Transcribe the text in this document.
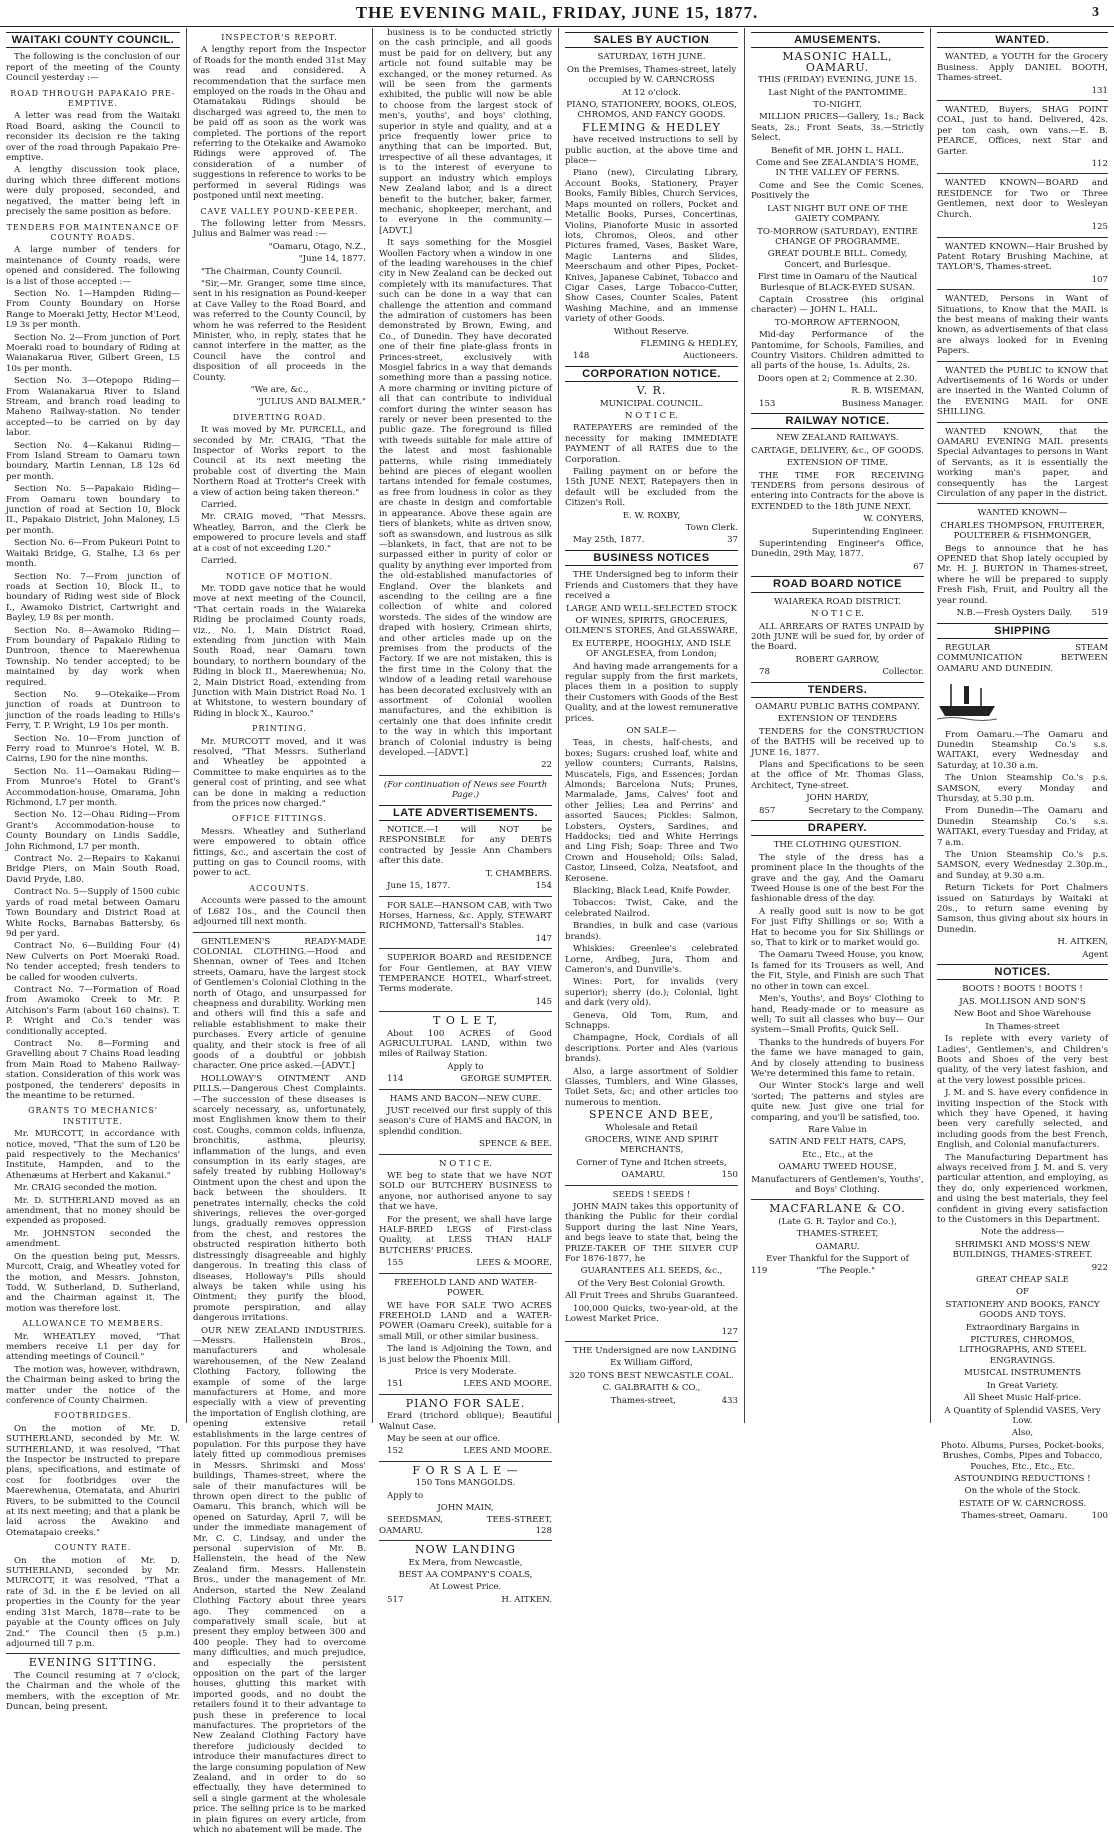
THE EVENING MAIL, FRIDAY, JUNE 15, 1877.	3
WAITAKI COUNTY COUNCIL.

The following is the conclusion of our report of the meeting of the County Council yesterday :—

ROAD THROUGH PAPAKAIO PRE-EMPTIVE.

A letter was read from the Waitaki Road Board, asking the Council to reconsider its decision re the taking over of the road through Papakaio Pre-emptive.

A lengthy discussion took place, during which three different motions were duly proposed, seconded, and negatived, the matter being left in precisely the same position as before.

TENDERS FOR MAINTENANCE OF COUNTY ROADS.

A large number of tenders for maintenance of County roads, were opened and considered. The following is a list of those accepted :—

Section No. 1—Hampden Riding—From County Boundary on Horse Range to Moeraki Jetty, Hector M'Leod, L9 3s per month.

Section No. 2—From junction of Port Moeraki road to boundary of Riding at Waianakarua River, Gilbert Green, L5 10s per month.

Section No. 3—Otepopo Riding—From Waianakarua River to Island Stream, and branch road leading to Maheno Railway-station. No tender accepted—to be carried on by day labor.

Section No. 4—Kakanui Riding—From Island Stream to Oamaru town boundary, Martin Lennan, L8 12s 6d per month.

Section No. 5—Papakaio Riding—From Oamaru town boundary to junction of road at Section 10, Block II., Papakaio District, John Maloney, L5 per month.

Section No. 6—From Pukeuri Point to Waitaki Bridge, G. Stalhe, L3 6s per month.

Section No. 7—From junction of roads at Section 10, Block II., to boundary of Riding west side of Block I., Awamoko District, Cartwright and Bayley, L9 8s per month.

Section No. 8—Awamoko Riding—From boundary of Papakaio Riding to Duntroon, thence to Maerewhenua Township. No tender accepted; to be maintained by day work when required.

Section No. 9—Otekaike—From junction of roads at Duntroon to junction of the roads leading to Hills's Ferry, T. P. Wright, L9 10s per month.

Section No. 10—From junction of Ferry road to Munroe's Hotel, W. B. Cairns, L90 for the nine months.

Section No. 11—Oamakau Riding—From Munroe's Hotel to Grant's Accommodation-house, Omarama, John Richmond, L7 per month.

Section No. 12—Ohau Riding—From Grant's Accommodation-house to County Boundary on Lindis Saddle, John Richmond, L7 per month.

Contract No. 2—Repairs to Kakanui Bridge Piers, on Main South Road, David Pryde, L80.

Contract No. 5—Supply of 1500 cubic yards of road metal between Oamaru Town Boundary and District Road at White Rocks, Barnabas Battersby, 6s 9d per yard.

Contract No. 6—Building Four (4) New Culverts on Port Moeraki Road. No tender accepted; fresh tenders to be called for wooden culverts.

Contract No. 7—Formation of Road from Awamoko Creek to Mr. P. Aitchison's Farm (about 160 chains). T. P. Wright and Co.'s tender was conditionally accepted.

Contract No. 8—Forming and Gravelling about 7 Chains Road leading from Main Road to Maheno Railway-station. Consideration of this work was postponed, the tenderers' deposits in the meantime to be returned.

GRANTS TO MECHANICS' INSTITUTE.

Mr. MURCOTT, in accordance with notice, moved, "That the sum of L20 be paid respectively to the Mechanics' Institute, Hampden, and to the Athenæums at Herbert and Kakanui."

Mr. CRAIG seconded the motion.

Mr. D. SUTHERLAND moved as an amendment, that no money should be expended as proposed.

Mr. JOHNSTON seconded the amendment.

On the question being put, Messrs. Murcott, Craig, and Wheatley voted for the motion, and Messrs. Johnston, Todd, W. Sutherland, D. Sutherland, and the Chairman against it. The motion was therefore lost.

ALLOWANCE TO MEMBERS.

Mr. WHEATLEY moved, "That members receive L1 per day for attending meetings of Council."

The motion was, however, withdrawn, the Chairman being asked to bring the matter under the notice of the conference of County Chairmen.

FOOTBRIDGES.

On the motion of Mr. D. SUTHERLAND, seconded by Mr. W. SUTHERLAND, it was resolved, "That the Inspector be instructed to prepare plans, specifications, and estimate of cost for footbridges over the Maerewhenua, Otematata, and Ahuriri Rivers, to be submitted to the Council at its next meeting; and that a plank be laid across the Awakino and Otematapaio creeks."

COUNTY RATE.

On the motion of Mr. D. SUTHERLAND, seconded by Mr. MURCOTT, it was resolved, "That a rate of 3d. in the £ be levied on all properties in the County for the year ending 31st March, 1878—rate to be payable at the County offices on July 2nd." The Council then (5 p.m.) adjourned till 7 p.m.

EVENING SITTING.

The Council resuming at 7 o'clock, the Chairman and the whole of the members, with the exception of Mr. Duncan, being present.

INSPECTOR'S REPORT.

A lengthy report from the Inspector of Roads for the month ended 31st May was read and considered. A recommendation that the surface men employed on the roads in the Ohau and Otamatakau Ridings should be discharged was agreed to, the men to be paid off as soon as the work was completed. The portions of the report referring to the Otekaike and Awamoko Ridings were approved of. The consideration of a number of suggestions in reference to works to be performed in several Ridings was postponed until next meeting.

CAVE VALLEY POUND-KEEPER.

The following letter from Messrs. Julius and Balmer was read :—

"Oamaru, Otago, N.Z.,

"June 14, 1877.

"The Chairman, County Council.

"Sir,—Mr. Granger, some time since, sent in his resignation as Pound-keeper at Cave Valley to the Road Board, and was referred to the County Council, by whom he was referred to the Resident Minister, who, in reply, states that he cannot interfere in the matter, as the Council have the control and disposition of all proceeds in the County.

"We are, &c.,

"JULIUS AND BALMER."

DIVERTING ROAD.

It was moved by Mr. PURCELL, and seconded by Mr. CRAIG, "That the Inspector of Works report to the Council at its next meeting the probable cost of diverting the Main Northern Road at Trotter's Creek with a view of action being taken thereon."

Carried.

Mr. CRAIG moved, "That Messrs. Wheatley, Barron, and the Clerk be empowered to procure levels and staff at a cost of not exceeding L20."

Carried.

NOTICE OF MOTION.

Mr. TODD gave notice that he would move at next meeting of the Council, "That certain roads in the Waiareka Riding be proclaimed County roads, viz., No. 1, Main District Road, extending from junction with Main South Road, near Oamaru town boundary, to northern boundary of the Riding in block II., Maerewhenua; No. 2, Main District Road, extending from Junction with Main District Road No. 1 at Whitstone, to western boundary of Riding in block X., Kauroo."

PRINTING.

Mr. MURCOTT moved, and it was resolved, "That Messrs. Sutherland and Wheatley be appointed a Committee to make enquiries as to the general cost of printing, and see what can be done in making a reduction from the prices now charged."

OFFICE FITTINGS.

Messrs. Wheatley and Sutherland were empowered to obtain office fittings, &c., and ascertain the cost of putting on gas to Council rooms, with power to act.

ACCOUNTS.

Accounts were passed to the amount of L682 10s., and the Council then adjourned till next month.

GENTLEMEN'S READY-MADE COLONIAL CLOTHING.—Hood and Shennan, owner of Tees and Itchen streets, Oamaru, have the largest stock of Gentlemen's Colonial Clothing in the north of Otago, and unsurpassed for cheapness and durability. Working men and others will find this a safe and reliable establishment to make their purchases. Every article of genuine quality, and their stock is free of all goods of a doubtful or jobbish character. One price asked.—[ADVT.]

HOLLOWAY'S OINTMENT AND PILLS.—Dangerous Chest Complaints.—The succession of these diseases is scarcely necessary, as, unfortunately, most Englishmen know them to their cost. Coughs, common colds, influenza, bronchitis, asthma, pleurisy, inflammation of the lungs, and even consumption in its early stages, are safely treated by rubbing Holloway's Ointment upon the chest and upon the back between the shoulders. It penetrates internally, checks the cold shiverings, relieves the over-gorged lungs, gradually removes oppression from the chest, and restores the obstructed respiration hitherto both distressingly disagreeable and highly dangerous. In treating this class of diseases, Holloway's Pills should always be taken while using his Ointment; they purify the blood, promote perspiration, and allay dangerous irritations.

OUR NEW ZEALAND INDUSTRIES.—Messrs. Hallenstein Bros., manufacturers and wholesale warehousemen, of the New Zealand Clothing Factory, following the example of some of the large manufacturers at Home, and more especially with a view of preventing the importation of English clothing, are opening extensive retail establishments in the large centres of population. For this purpose they have lately fitted up commodious premises in Messrs. Shrimski and Moss' buildings, Thames-street, where the sale of their manufactures will be thrown open direct to the public of Oamaru. This branch, which will be opened on Saturday, April 7, will be under the immediate management of Mr. C. C. Lindsay, and under the personal supervision of Mr. B. Hallenstein, the head of the New Zealand firm. Messrs. Hallenstein Bros., under the management of Mr. Anderson, started the New Zealand Clothing Factory about three years ago. They commenced on a comparatively small scale, but at present they employ between 300 and 400 people. They had to overcome many difficulties, and much prejudice, and especially the persistent opposition on the part of the larger houses, glutting this market with imported goods, and no doubt the retailers found it to their advantage to push these in preference to local manufactures. The proprietors of the New Zealand Clothing Factory have therefore judiciously decided to introduce their manufactures direct to the large consuming population of New Zealand, and in order to do so effectually, they have determined to sell a single garment at the wholesale price. The selling price is to be marked in plain figures on every article, from which no abatement will be made. The

business is to be conducted strictly on the cash principle, and all goods must be paid for on delivery, but any article not found suitable may be exchanged, or the money returned. As will be seen from the garments exhibited, the public will now be able to choose from the largest stock of men's, youths', and boys' clothing, superior in style and quality, and at a price frequently lower price to anything that can be imported. But, irrespective of all these advantages, it is to the interest of everyone to support an industry which employs New Zealand labor, and is a direct benefit to the butcher, baker, farmer, mechanic, shopkeeper, merchant, and to everyone in the community.—[ADVT.]

It says something for the Mosgiel Woollen Factory when a window in one of the leading warehouses in the chief city in New Zealand can be decked out completely with its manufactures. That such can be done in a way that can challenge the attention and command the admiration of customers has been demonstrated by Brown, Ewing, and Co., of Dunedin. They have decorated one of their fine plate-glass fronts in Princes-street, exclusively with Mosgiel fabrics in a way that demands something more than a passing notice. A more charming or inviting picture of all that can contribute to individual comfort during the winter season has rarely or never been presented to the public gaze. The foreground is filled with tweeds suitable for male attire of the latest and most fashionable patterns, while rising immediately behind are pieces of elegant woollen tartans intended for female costumes, as free from loudness in color as they are chaste in design and comfortable in appearance. Above these again are tiers of blankets, white as driven snow, soft as swansdown, and lustrous as silk—blankets, in fact, that are not to be surpassed either in purity of color or quality by anything ever imported from the old-established manufactories of England. Over the blankets and ascending to the ceiling are a fine collection of white and colored worsteds. The sides of the window are draped with hosiery, Crimean shirts, and other articles made up on the premises from the products of the Factory. If we are not mistaken, this is the first time in the Colony that the window of a leading retail warehouse has been decorated exclusively with an assortment of Colonial woollen manufactures, and the exhibition is certainly one that does infinite credit to the way in which this important branch of Colonial industry is being developed.—[ADVT.]

22

(For continuation of News see Fourth Page.)

LATE ADVERTISEMENTS.

NOTICE.—I will NOT be RESPONSIBLE for any DEBTS contracted by Jessie Ann Chambers after this date.

T. CHAMBERS.

June 15, 1877.	154

FOR SALE—HANSOM CAB, with Two Horses, Harness, &c. Apply, STEWART RICHMOND, Tattersall's Stables.

147

SUPERIOR BOARD and RESIDENCE for Four Gentlemen, at BAY VIEW TEMPERANCE HOTEL, Wharf-street. Terms moderate.

145

T O L E T,

About 100 ACRES of Good AGRICULTURAL LAND, within two miles of Railway Station.

Apply to

114	GEORGE SUMPTER.

HAMS AND BACON—NEW CURE.

JUST received our first supply of this season's Cure of HAMS and BACON, in splendid condition.

SPENCE & BEE.

N O T I C E.

WE beg to state that we have NOT SOLD our BUTCHERY BUSINESS to anyone, nor authorised anyone to say that we have.

For the present, we shall have large HALF-BRED LEGS of First-class Quality, at LESS THAN HALF BUTCHERS' PRICES.

155	LEES & MOORE.

FREEHOLD LAND AND WATER-POWER.

WE have FOR SALE TWO ACRES FREEHOLD LAND and a WATER-POWER (Oamaru Creek), suitable for a small Mill, or other similar business.

The land is Adjoining the Town, and is just below the Phoenix Mill.

Price is very Moderate.

151	LEES AND MOORE.

PIANO FOR SALE.

Erard (trichord oblique); Beautiful Walnut Case.

May be seen at our office.

152	LEES AND MOORE.

F O R S A L E —

150 Tons MANGOLDS.

Apply to

JOHN MAIN,

SEEDSMAN, TEES-STREET, OAMARU.	128

NOW LANDING

Ex Mera, from Newcastle,

BEST AA COMPANY'S COALS,

At Lowest Price.

517	H. AITKEN.

SALES BY AUCTION

SATURDAY, 16TH JUNE.

On the Premises, Thames-street, lately occupied by W. CARNCROSS

At 12 o'clock.

PIANO, STATIONERY, BOOKS, OLEOS, CHROMOS, AND FANCY GOODS.

FLEMING & HEDLEY

have received instructions to sell by public auction, at the above time and place—

Piano (new), Circulating Library, Account Books, Stationery, Prayer Books, Family Bibles, Church Services, Maps mounted on rollers, Pocket and Metallic Books, Purses, Concertinas, Violins, Pianoforte Music in assorted lots, Chromos, Oleos, and other Pictures framed, Vases, Basket Ware, Magic Lanterns and Slides, Meerschaum and other Pipes, Pocket-Knives, Japanese Cabinet, Tobacco and Cigar Cases, Large Tobacco-Cutter, Show Cases, Counter Scales, Patent Washing Machine, and an immense variety of other Goods.

Without Reserve.

FLEMING & HEDLEY,

148	Auctioneers.

CORPORATION NOTICE.

V. R.

MUNICIPAL COUNCIL.

N O T I C E.

RATEPAYERS are reminded of the necessity for making IMMEDIATE PAYMENT of all RATES due to the Corporation.

Failing payment on or before the 15th JUNE NEXT, Ratepayers then in default will be excluded from the Citizen's Roll.

E. W. ROXBY,

Town Clerk.

May 25th, 1877.	37

BUSINESS NOTICES

THE Undersigned beg to inform their Friends and Customers that they have received a

LARGE AND WELL-SELECTED STOCK

OF WINES, SPIRITS, GROCERIES, OILMEN'S STORES, And GLASSWARE,

Ex EUTERPE, HOOGHLY, AND ISLE OF ANGLESEA, from London;

And having made arrangements for a regular supply from the first markets, places them in a position to supply their Customers with Goods of the Best Quality, and at the lowest remunerative prices.

ON SALE—

Teas, in chests, half-chests, and boxes; Sugars: crushed loaf, white and yellow counters; Currants, Raisins, Muscatels, Figs, and Essences; Jordan Almonds; Barcelona Nuts; Prunes, Marmalade, Jams, Calves' foot and other Jellies; Lea and Perrins' and assorted Sauces; Pickles: Salmon, Lobsters, Oysters, Sardines, and Haddocks; tied and White Herrings and Ling Fish; Soap: Three and Two Crown and Household; Oils: Salad, Castor, Linseed, Colza, Neatsfoot, and Kerosene.

Blacking, Black Lead, Knife Powder.

Tobaccos: Twist, Cake, and the celebrated Nailrod.

Brandies, in bulk and case (various brands).

Whiskies: Greenlee's celebrated Lorne, Ardbeg, Jura, Thom and Cameron's, and Dunville's.

Wines: Port, for invalids (very superior); sherry (do.); Colonial, light and dark (very old).

Geneva, Old Tom, Rum, and Schnapps.

Champagne, Hock, Cordials of all descriptions. Porter and Ales (various brands).

Also, a large assortment of Soldier Glasses, Tumblers, and Wine Glasses, Toilet Sets, &c; and other articles too numerous to mention.

SPENCE AND BEE,

Wholesale and Retail

GROCERS, WINE AND SPIRIT MERCHANTS,

Corner of Tyne and Itchen streets,

OAMARU.	150

SEEDS ! SEEDS !

JOHN MAIN takes this opportunity of thanking the Public for their cordial Support during the last Nine Years, and begs leave to state that, being the PRIZE-TAKER OF THE SILVER CUP For 1876-1877, he

GUARANTEES ALL SEEDS, &c.,

Of the Very Best Colonial Growth.

All Fruit Trees and Shrubs Guaranteed.

100,000 Quicks, two-year-old, at the Lowest Market Price.

127

THE Undersigned are now LANDING

Ex William Gifford,

320 TONS BEST NEWCASTLE COAL.

C. GALBRAITH & CO.,

Thames-street,	433

AMUSEMENTS.

MASONIC HALL, OAMARU.

THIS (FRIDAY) EVENING, JUNE 15.

Last Night of the PANTOMIME.

TO-NIGHT.

MILLION PRICES—Gallery, 1s.; Back Seats, 2s.; Front Seats, 3s.—Strictly Select.

Benefit of MR. JOHN L. HALL.

Come and See ZEALANDIA'S HOME, IN THE VALLEY OF FERNS.

Come and See the Comic Scenes. Positively the

LAST NIGHT BUT ONE OF THE GAIETY COMPANY.

TO-MORROW (SATURDAY), ENTIRE CHANGE OF PROGRAMME.

GREAT DOUBLE BILL. Comedy, Concert, and Burlesque.

First time in Oamaru of the Nautical Burlesque of BLACK-EYED SUSAN.

Captain Crosstree (his original character) — JOHN L. HALL.

TO-MORROW AFTERNOON,

Mid-day Performance of the Pantomime, for Schools, Families, and Country Visitors. Children admitted to all parts of the house, 1s. Adults, 2s.

Doors open at 2; Commence at 2.30.

R. B. WISEMAN,

153	Business Manager.

RAILWAY NOTICE.

NEW ZEALAND RAILWAYS.

CARTAGE, DELIVERY, &c., OF GOODS.

EXTENSION OF TIME.

THE TIME FOR RECEIVING TENDERS from persons desirous of entering into Contracts for the above is EXTENDED to the 18th JUNE NEXT.

W. CONYERS,

Superintending Engineer.

Superintending Engineer's Office, Dunedin, 29th May, 1877.

67

ROAD BOARD NOTICE

WAIAREKA ROAD DISTRICT.

N O T I C E.

ALL ARREARS OF RATES UNPAID by 20th JUNE will be sued for, by order of the Board.

ROBERT GARROW,

78	Collector.

TENDERS.

OAMARU PUBLIC BATHS COMPANY.

EXTENSION OF TENDERS

TENDERS for the CONSTRUCTION of the BATHS will be received up to JUNE 16, 1877.

Plans and Specifications to be seen at the office of Mr. Thomas Glass, Architect, Tyne-street.

JOHN HARDY,

857	Secretary to the Company.

DRAPERY.

THE CLOTHING QUESTION.

The style of the dress has a prominent place In the thoughts of the grave and the gay, And the Oamaru Tweed House is one of the best For the fashionable dress of the day.

A really good suit is now to be got For just Fifty Shillings or so; With a Hat to become you for Six Shillings or so, That to kirk or to market would go.

The Oamaru Tweed House, you know, Is famed for its Trousers as well, And the Fit, Style, and Finish are such That no other in town can excel.

Men's, Youths', and Boys' Clothing to hand, Ready-made or to measure as well; To suit all classes who buy— Our system—Small Profits, Quick Sell.

Thanks to the hundreds of buyers For the fame we have managed to gain, And by closely attending to business We're determined this fame to retain.

Our Winter Stock's large and well 'sorted; The patterns and styles are quite new. Just give one trial for comparing, and you'll be satisfied, too.

Rare Value in

SATIN AND FELT HATS, CAPS,

Etc., Etc., at the

OAMARU TWEED HOUSE,

Manufacturers of Gentlemen's, Youths', and Boys' Clothing.

MACFARLANE & CO.

(Late G. R. Taylor and Co.),

THAMES-STREET,

OAMARU.

Ever Thankful for the Support of

119	"The People."

WANTED.

WANTED, a YOUTH for the Grocery Business. Apply DANIEL BOOTH, Thames-street.

131

WANTED, Buyers, SHAG POINT COAL, just to hand. Delivered, 42s. per ton cash, own vans.—E. B. PEARCE, Offices, next Star and Garter.

112

WANTED KNOWN—BOARD and RESIDENCE for Two or Three Gentlemen, next door to Wesleyan Church.

125

WANTED KNOWN—Hair Brushed by Patent Rotary Brushing Machine, at TAYLOR'S, Thames-street.

107

WANTED, Persons in Want of Situations, to Know that the MAIL is the best means of making their wants known, as advertisements of that class are always looked for in Evening Papers.

WANTED the PUBLIC to KNOW that Advertisements of 16 Words or under are inserted in the Wanted Column of the EVENING MAIL for ONE SHILLING.

WANTED KNOWN, that the OAMARU EVENING MAIL presents Special Advantages to persons in Want of Servants, as it is essentially the working man's paper, and consequently has the Largest Circulation of any paper in the district.

WANTED KNOWN—

CHARLES THOMPSON, FRUITERER, POULTERER & FISHMONGER,

Begs to announce that he has OPENED that Shop lately occupied by Mr. H. J. BURTON in Thames-street, where he will be prepared to supply Fresh Fish, Fruit, and Poultry all the year round.

N.B.—Fresh Oysters Daily. 519

SHIPPING

REGULAR STEAM COMMUNICATION BETWEEN OAMARU AND DUNEDIN.

From Oamaru.—The Oamaru and Dunedin Steamship Co.'s s.s. WAITAKI, every Wednesday and Saturday, at 10.30 a.m.

The Union Steamship Co.'s p.s. SAMSON, every Monday and Thursday, at 5.30 p.m.

From Dunedin—The Oamaru and Dunedin Steamship Co.'s s.s. WAITAKI, every Tuesday and Friday, at 7 a.m.

The Union Steamship Co.'s p.s. SAMSON, every Wednesday 2.30p.m., and Sunday, at 9.30 a.m.

Return Tickets for Port Chalmers issued on Saturdays by Waitaki at 20s., to return same evening by Samson, thus giving about six hours in Dunedin.

H. AITKEN,

Agent

NOTICES.

BOOTS ! BOOTS ! BOOTS !

JAS. MOLLISON AND SON'S

New Boot and Shoe Warehouse

In Thames-street

Is replete with every variety of Ladies', Gentlemen's, and Children's Boots and Shoes of the very best quality, of the very latest fashion, and at the very lowest possible prices.

J. M. and S. have every confidence in inviting inspection of the Stock with which they have Opened, it having been very carefully selected, and including goods from the best French, English, and Colonial manufacturers.

The Manufacturing Department has always received from J. M. and S. very particular attention, and employing, as they do, only experienced workmen, and using the best materials, they feel confident in giving every satisfaction to the Customers in this Department.

Note the address—

SHRIMSKI AND MOSS'S NEW BUILDINGS, THAMES-STREET.

922

GREAT CHEAP SALE

OF

STATIONERY AND BOOKS, FANCY GOODS AND TOYS.

Extraordinary Bargains in

PICTURES, CHROMOS, LITHOGRAPHS, AND STEEL ENGRAVINGS.

MUSICAL INSTRUMENTS

In Great Variety.

All Sheet Music Half-price.

A Quantity of Splendid VASES, Very Low.

Also,

Photo. Albums, Purses, Pocket-books, Brushes, Combs, Pipes and Tobacco, Pouches, Etc., Etc., Etc.

ASTOUNDING REDUCTIONS !

On the whole of the Stock.

ESTATE OF W. CARNCROSS.

Thames-street, Oamaru.	100
